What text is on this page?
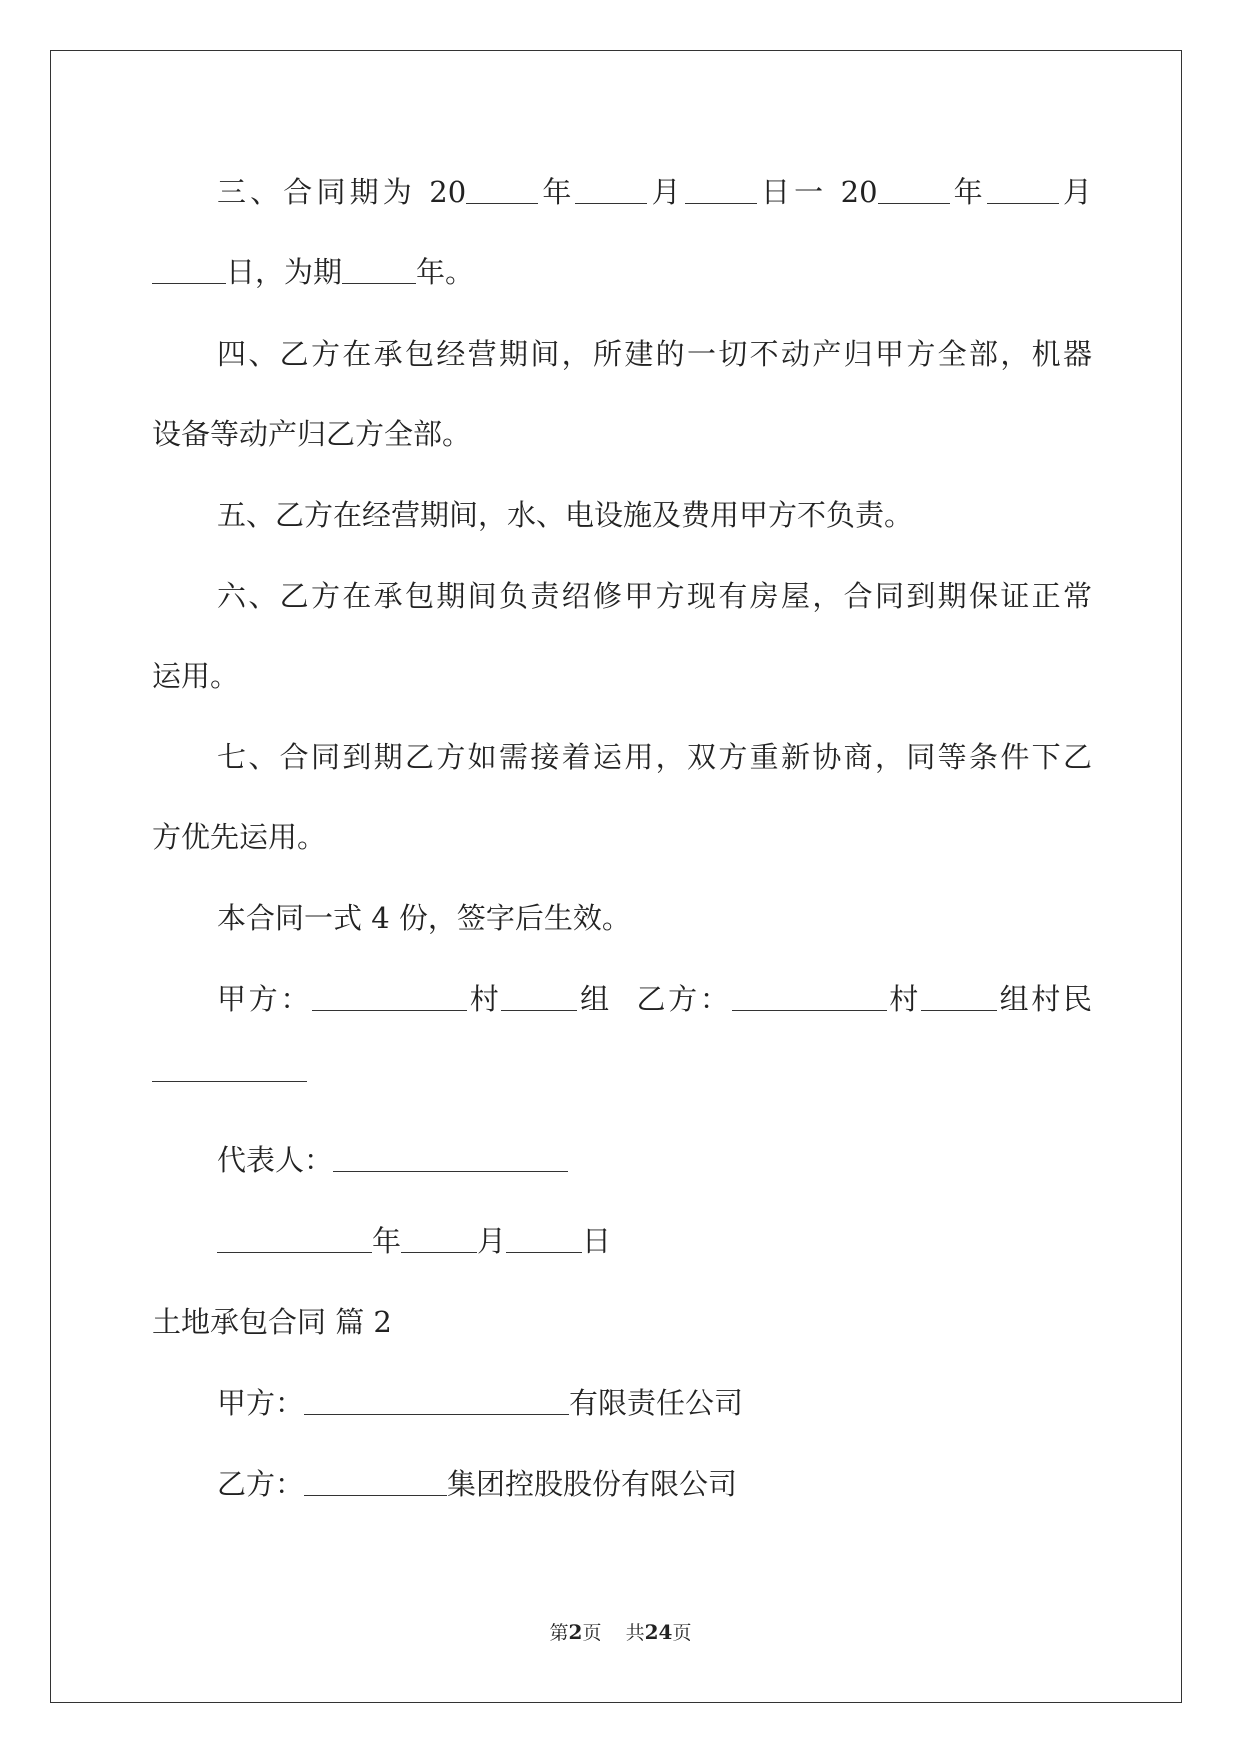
三、合同期为 20 年 月 日一 20 年 月
日，为期	年。
四、乙方在承包经营期间，所建的一切不动产归甲方全部，机器
设备等动产归乙方全部。
五、乙方在经营期间，水、电设施及费用甲方不负责。
六、乙方在承包期间负责绍修甲方现有房屋，合同到期保证正常
运用。
七、合同到期乙方如需接着运用，双方重新协商，同等条件下乙
方优先运用。
本合同一式 4 份，签字后生效。
甲方：	村	组 乙方：	村	组村民
代表人：
年	月	日
土地承包合同 篇 2
甲方：	有限责任公司
乙方：	集团控股股份有限公司
第2页    共24页
